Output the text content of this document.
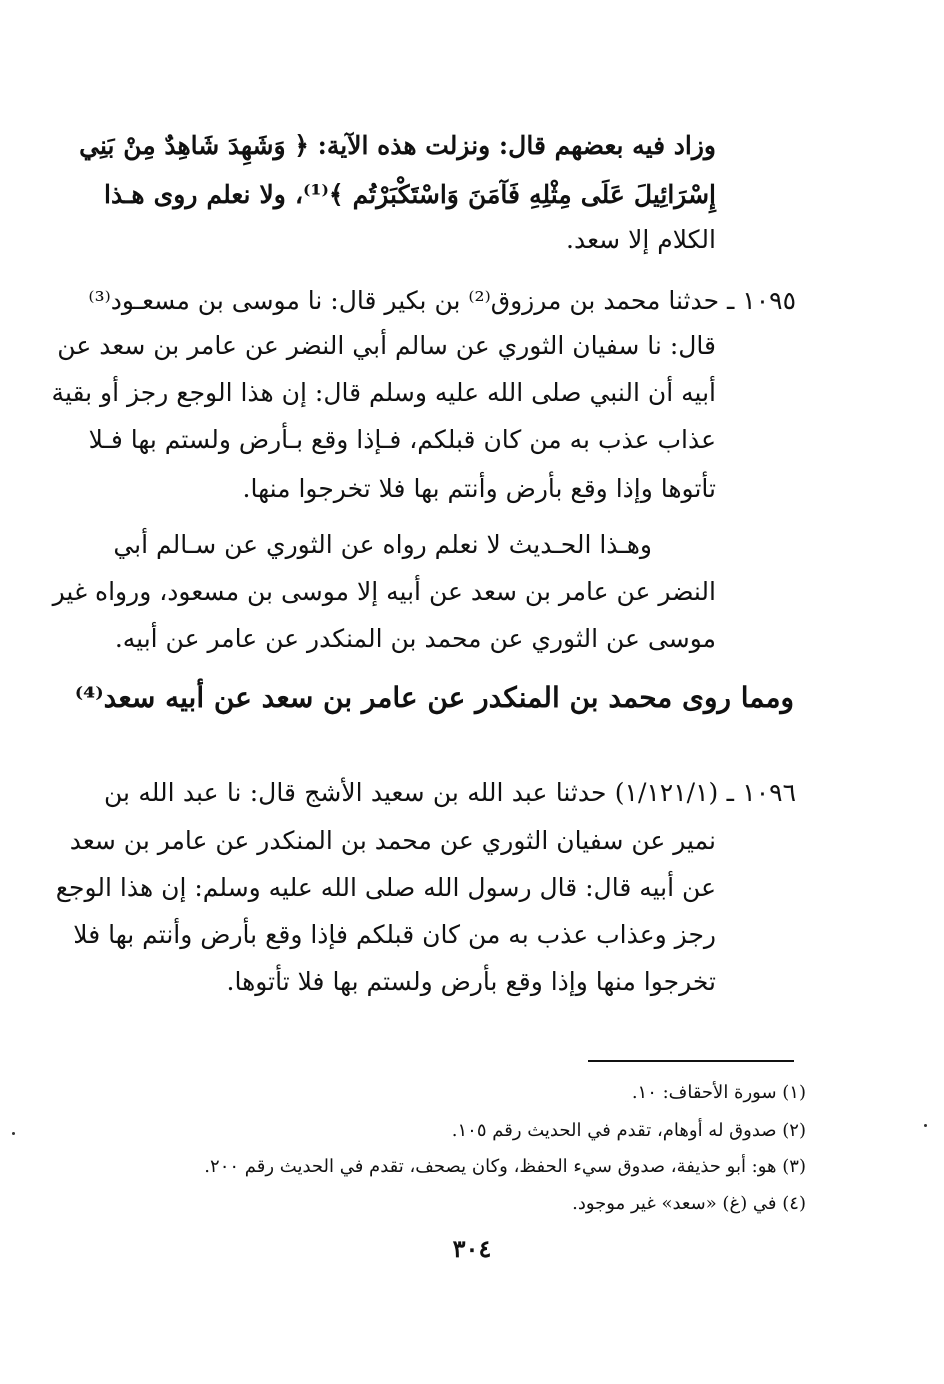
وزاد فيه بعضهم قال: ونزلت هذه الآية: ﴿ وَشَهِدَ شَاهِدٌ مِنْ بَنِي
إِسْرَائِيلَ عَلَى مِثْلِهِ فَآمَنَ وَاسْتَكْبَرْتُم ﴾⁽¹⁾، ولا نعلم روى هـذا
الكلام إلا سعد.
١٠٩٥ ـ حدثنا محمد بن مرزوق⁽²⁾ بن بكير قال: نا موسى بن مسعـود⁽³⁾
قال: نا سفيان الثوري عن سالم أبي النضر عن عامر بن سعد عن
أبيه أن النبي صلى الله عليه وسلم قال: إن هذا الوجع رجز أو بقية
عذاب عذب به من كان قبلكم، فـإذا وقع بـأرض ولستم بها فـلا
تأتوها وإذا وقع بأرض وأنتم بها فلا تخرجوا منها.
وهـذا الحـديث لا نعلم رواه عن الثوري عن سـالم أبي
النضر عن عامر بن سعد عن أبيه إلا موسى بن مسعود، ورواه غير
موسى عن الثوري عن محمد بن المنكدر عن عامر عن أبيه.
ومما روى محمد بن المنكدر عن عامر بن سعد عن أبيه سعد⁽⁴⁾
١٠٩٦ ـ (١/١٢١/١) حدثنا عبد الله بن سعيد الأشج قال: نا عبد الله بن
نمير عن سفيان الثوري عن محمد بن المنكدر عن عامر بن سعد
عن أبيه قال: قال رسول الله صلى الله عليه وسلم: إن هذا الوجع
رجز وعذاب عذب به من كان قبلكم فإذا وقع بأرض وأنتم بها فلا
تخرجوا منها وإذا وقع بأرض ولستم بها فلا تأتوها.
(١) سورة الأحقاف: ١٠.
(٢) صدوق له أوهام، تقدم في الحديث رقم ١٠٥.
(٣) هو: أبو حذيفة، صدوق سيء الحفظ، وكان يصحف، تقدم في الحديث رقم ٢٠٠.
(٤) في (غ) «سعد» غير موجود.
٣٠٤
